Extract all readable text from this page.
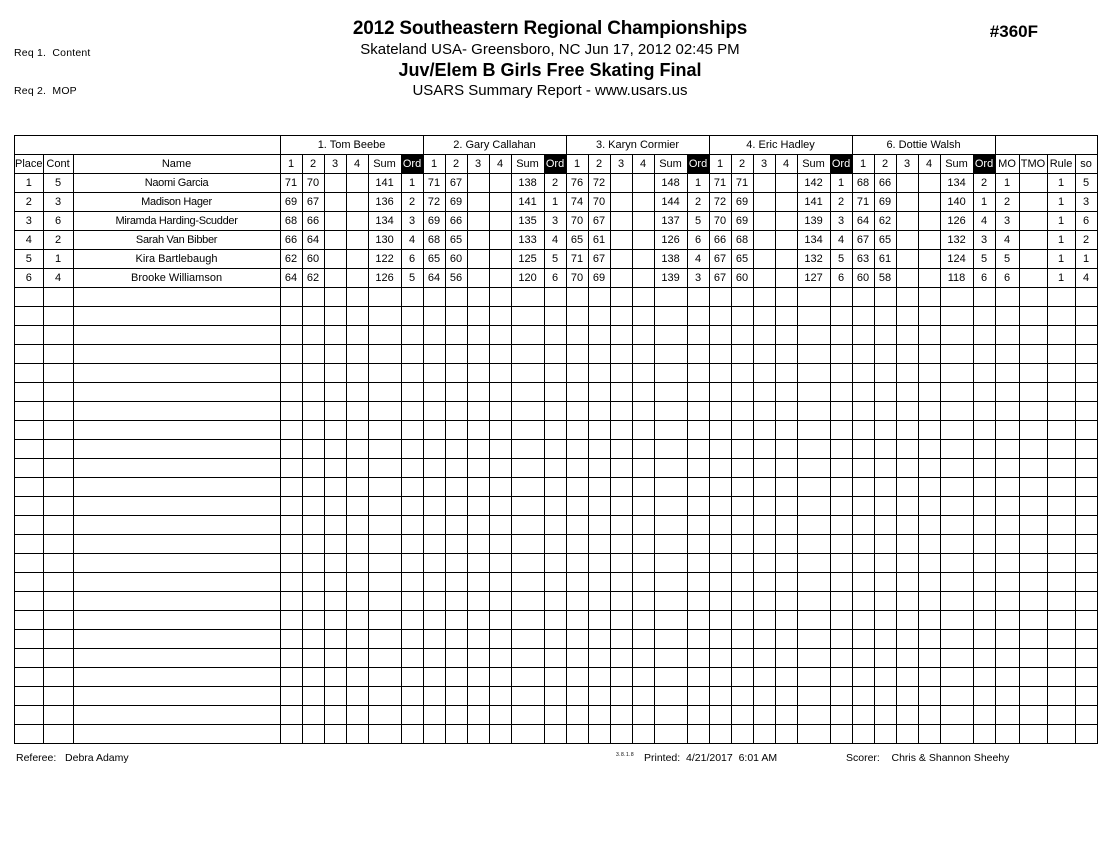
Req 1.  Content

Req 2.  MOP

2012 Southeastern Regional Championships
Skateland USA- Greensboro, NC Jun 17, 2012 02:45 PM
Juv/Elem B Girls Free Skating Final
USARS Summary Report - www.usars.us
#360F
			1. Tom Beebe						2. Gary Callahan						3. Karyn Cormier						4. Eric Hadley						6. Dottie Walsh									
Place	Cont	Name	1	2	3	4	Sum	Ord	1	2	3	4	Sum	Ord	1	2	3	4	Sum	Ord	1	2	3	4	Sum	Ord	1	2	3	4	Sum	Ord	MO	TMO	Rule	so
1	5	Naomi Garcia	71	70			141	1	71	67			138	2	76	72			148	1	71	71			142	1	68	66			134	2	1		1	5
2	3	Madison Hager	69	67			136	2	72	69			141	1	74	70			144	2	72	69			141	2	71	69			140	1	2		1	3
3	6	Miramda Harding-Scudder	68	66			134	3	69	66			135	3	70	67			137	5	70	69			139	3	64	62			126	4	3		1	6
4	2	Sarah Van Bibber	66	64			130	4	68	65			133	4	65	61			126	6	66	68			134	4	67	65			132	3	4		1	2
5	1	Kira Bartlebaugh	62	60			122	6	65	60			125	5	71	67			138	4	67	65			132	5	63	61			124	5	5		1	1
6	4	Brooke Williamson	64	62			126	5	64	56			120	6	70	69			139	3	67	60			127	6	60	58			118	6	6		1	4

Referee:   Debra Adamy	3.8.1.8 Printed:  4/21/2017  6:01 AM	Scorer:    Chris & Shannon Sheehy
